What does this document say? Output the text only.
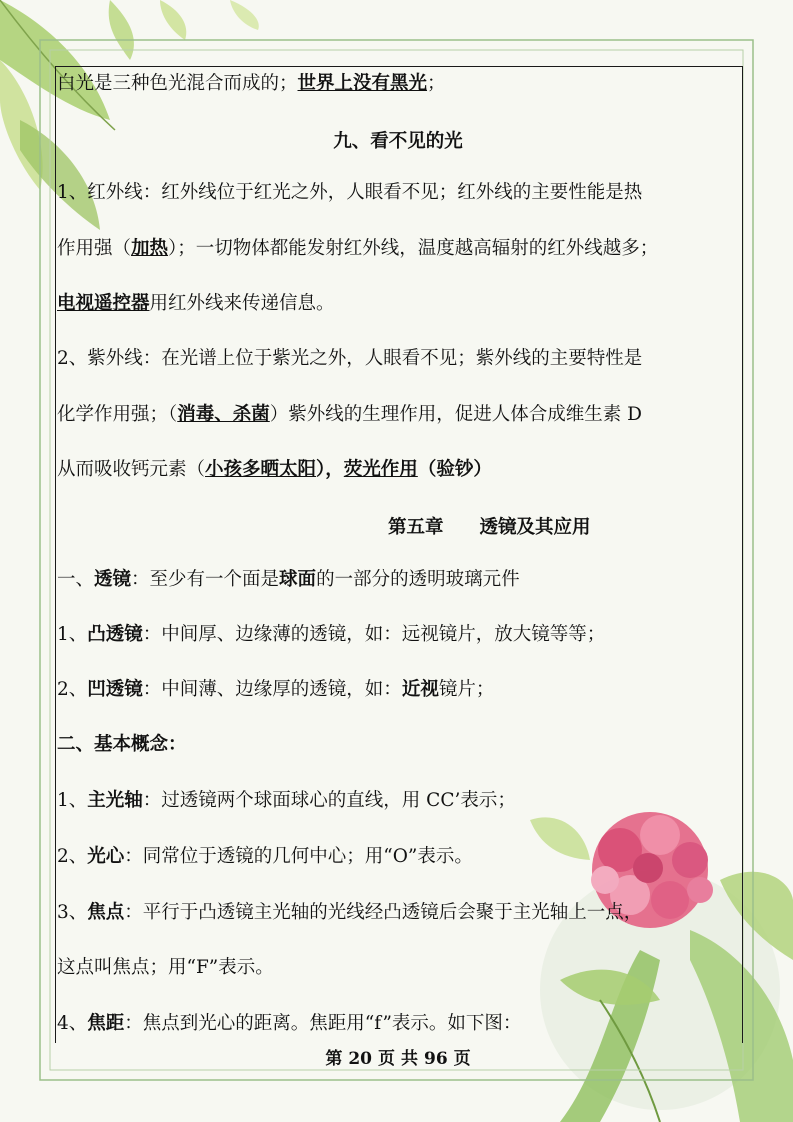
白光是三种色光混合而成的；世界上没有黑光；
九、看不见的光
1、红外线：红外线位于红光之外，人眼看不见；红外线的主要性能是热
作用强（加热）；一切物体都能发射红外线，温度越高辐射的红外线越多；
电视遥控器用红外线来传递信息。
2、紫外线：在光谱上位于紫光之外，人眼看不见；紫外线的主要特性是
化学作用强；（消毒、杀菌）紫外线的生理作用，促进人体合成维生素 D
从而吸收钙元素（小孩多晒太阳），荧光作用（验钞）
第五章 透镜及其应用
一、透镜：至少有一个面是球面的一部分的透明玻璃元件
1、凸透镜：中间厚、边缘薄的透镜，如：远视镜片，放大镜等等；
2、凹透镜：中间薄、边缘厚的透镜，如：近视镜片；
二、基本概念：
1、主光轴：过透镜两个球面球心的直线，用 CC’表示；
2、光心：同常位于透镜的几何中心；用“O”表示。
3、焦点：平行于凸透镜主光轴的光线经凸透镜后会聚于主光轴上一点，
这点叫焦点；用“F”表示。
4、焦距：焦点到光心的距离。焦距用“f”表示。如下图：
第 20 页 共 96 页
